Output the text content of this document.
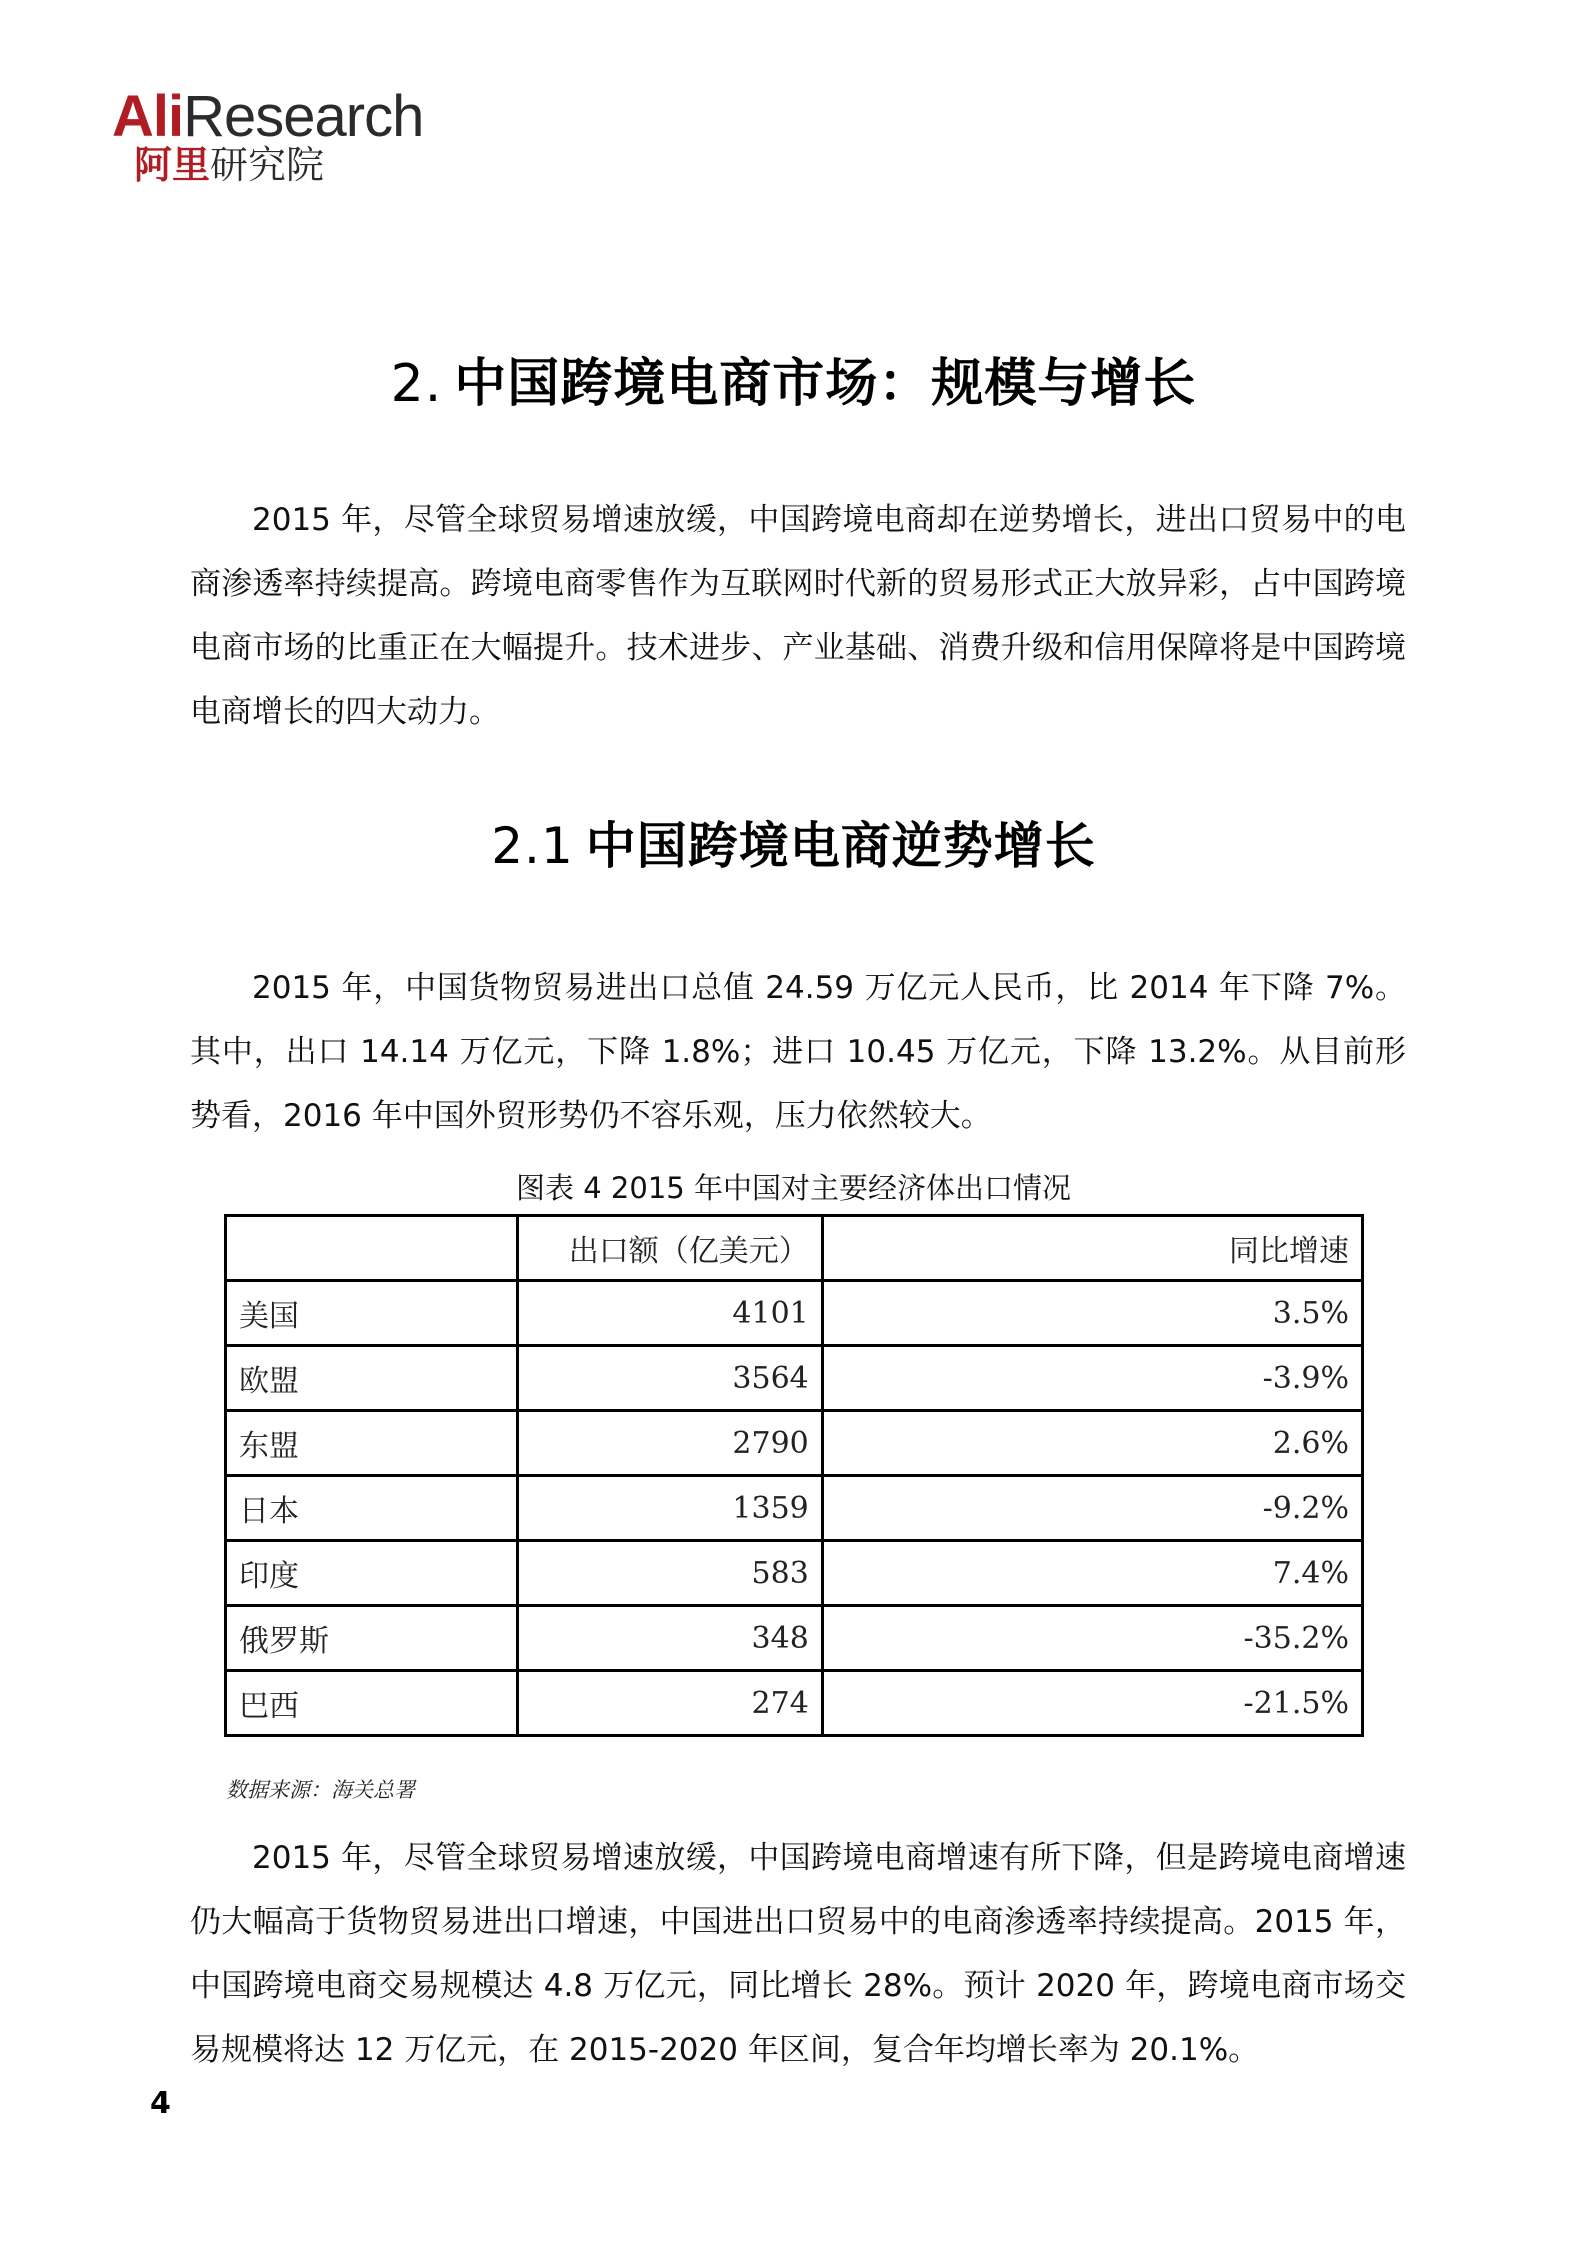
AliResearch
阿里研究院
2. 中国跨境电商市场：规模与增长
2015 年，尽管全球贸易增速放缓，中国跨境电商却在逆势增长，进出口贸易中的电商渗透率持续提高。跨境电商零售作为互联网时代新的贸易形式正大放异彩，占中国跨境电商市场的比重正在大幅提升。技术进步、产业基础、消费升级和信用保障将是中国跨境电商增长的四大动力。
2.1 中国跨境电商逆势增长
2015 年，中国货物贸易进出口总值 24.59 万亿元人民币，比 2014 年下降 7%。其中，出口 14.14 万亿元，下降 1.8%；进口 10.45 万亿元，下降 13.2%。从目前形势看，2016 年中国外贸形势仍不容乐观，压力依然较大。
图表 4 2015 年中国对主要经济体出口情况
	出口额（亿美元）	同比增速
美国	4101	3.5%
欧盟	3564	-3.9%
东盟	2790	2.6%
日本	1359	-9.2%
印度	583	7.4%
俄罗斯	348	-35.2%
巴西	274	-21.5%
数据来源：海关总署
2015 年，尽管全球贸易增速放缓，中国跨境电商增速有所下降，但是跨境电商增速仍大幅高于货物贸易进出口增速，中国进出口贸易中的电商渗透率持续提高。2015 年，中国跨境电商交易规模达 4.8 万亿元，同比增长 28%。预计 2020 年，跨境电商市场交易规模将达 12 万亿元，在 2015-2020 年区间，复合年均增长率为 20.1%。
4
